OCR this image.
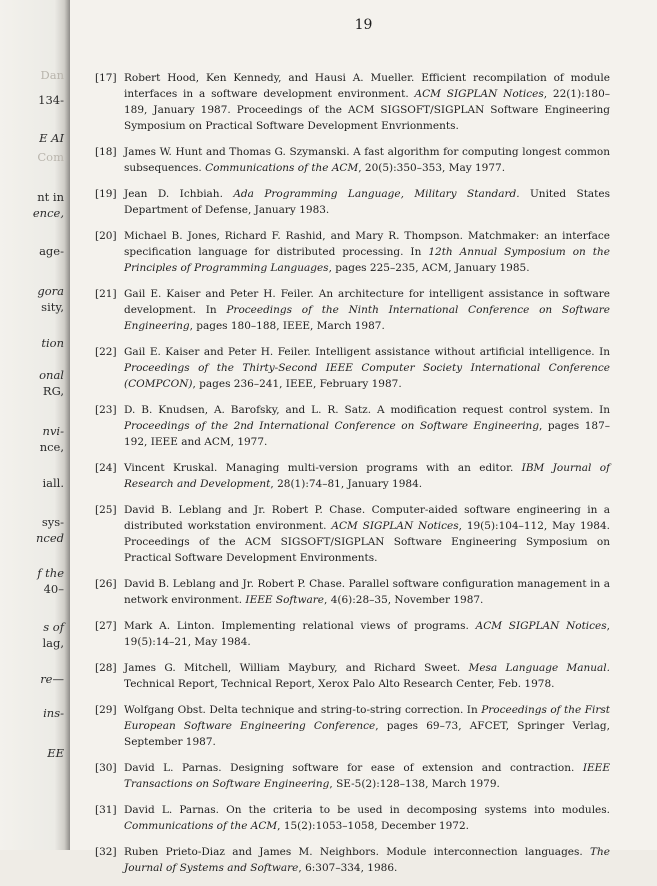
Dan
134-
E AI
Com
nt in
ence,
age-
gora
sity,
tion
onal
RG,
nvi-
nce,
iall.
sys-
nced
f the
40–
s of
lag,
re—
ins-
EE
19
[17] Robert Hood, Ken Kennedy, and Hausi A. Mueller. Efficient recompilation of module interfaces in a software development environment. ACM SIGPLAN Notices, 22(1):180–189, January 1987. Proceedings of the ACM SIGSOFT/SIGPLAN Software Engineering Symposium on Practical Software Development Envrionments.
[18] James W. Hunt and Thomas G. Szymanski. A fast algorithm for computing longest common subsequences. Communications of the ACM, 20(5):350–353, May 1977.
[19] Jean D. Ichbiah. Ada Programming Language, Military Standard. United States Department of Defense, January 1983.
[20] Michael B. Jones, Richard F. Rashid, and Mary R. Thompson. Matchmaker: an interface specification language for distributed processing. In 12th Annual Symposium on the Principles of Programming Languages, pages 225–235, ACM, January 1985.
[21] Gail E. Kaiser and Peter H. Feiler. An architecture for intelligent assistance in software development. In Proceedings of the Ninth International Conference on Software Engineering, pages 180–188, IEEE, March 1987.
[22] Gail E. Kaiser and Peter H. Feiler. Intelligent assistance without artificial intelligence. In Proceedings of the Thirty-Second IEEE Computer Society International Conference (COMPCON), pages 236–241, IEEE, February 1987.
[23] D. B. Knudsen, A. Barofsky, and L. R. Satz. A modification request control system. In Proceedings of the 2nd International Conference on Software Engineering, pages 187–192, IEEE and ACM, 1977.
[24] Vincent Kruskal. Managing multi-version programs with an editor. IBM Journal of Research and Development, 28(1):74–81, January 1984.
[25] David B. Leblang and Jr. Robert P. Chase. Computer-aided software engineering in a distributed workstation environment. ACM SIGPLAN Notices, 19(5):104–112, May 1984. Proceedings of the ACM SIGSOFT/SIGPLAN Software Engineering Symposium on Practical Software Development Environments.
[26] David B. Leblang and Jr. Robert P. Chase. Parallel software configuration management in a network environment. IEEE Software, 4(6):28–35, November 1987.
[27] Mark A. Linton. Implementing relational views of programs. ACM SIGPLAN Notices, 19(5):14–21, May 1984.
[28] James G. Mitchell, William Maybury, and Richard Sweet. Mesa Language Manual. Technical Report, Technical Report, Xerox Palo Alto Research Center, Feb. 1978.
[29] Wolfgang Obst. Delta technique and string-to-string correction. In Proceedings of the First European Software Engineering Conference, pages 69–73, AFCET, Springer Verlag, September 1987.
[30] David L. Parnas. Designing software for ease of extension and contraction. IEEE Transactions on Software Engineering, SE-5(2):128–138, March 1979.
[31] David L. Parnas. On the criteria to be used in decomposing systems into modules. Communications of the ACM, 15(2):1053–1058, December 1972.
[32] Ruben Prieto-Diaz and James M. Neighbors. Module interconnection languages. The Journal of Systems and Software, 6:307–334, 1986.
